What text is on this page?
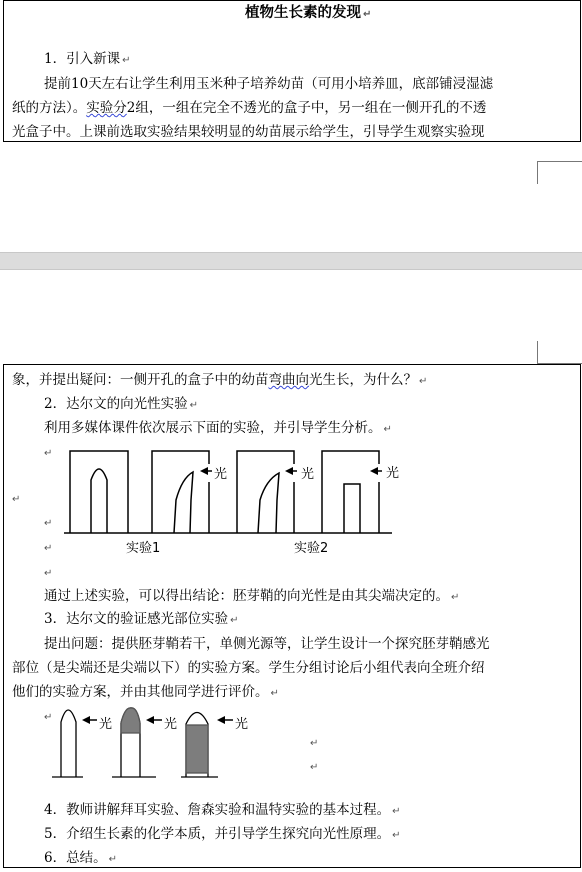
植物生长素的发现 ↵
1．引入新课 ↵
提前10天左右让学生利用玉米种子培养幼苗（可用小培养皿，底部铺浸湿滤
纸的方法）。实验分2组，一组在完全不透光的盒子中，另一组在一侧开孔的不透
光盒子中。上课前选取实验结果较明显的幼苗展示给学生，引导学生观察实验现
象，并提出疑问：一侧开孔的盒子中的幼苗弯曲向光生长，为什么？ ↵
2．达尔文的向光性实验 ↵
利用多媒体课件依次展示下面的实验，并引导学生分析。 ↵
↵
↵
↵
↵
↵
光	光	光
实验1	实验2
通过上述实验，可以得出结论：胚芽鞘的向光性是由其尖端决定的。 ↵
3．达尔文的验证感光部位实验 ↵
提出问题：提供胚芽鞘若干，单侧光源等，让学生设计一个探究胚芽鞘感光
部位（是尖端还是尖端以下）的实验方案。学生分组讨论后小组代表向全班介绍
他们的实验方案，并由其他同学进行评价。 ↵
↵
↵
↵
光	光	光
4．教师讲解拜耳实验、詹森实验和温特实验的基本过程。 ↵
5．介绍生长素的化学本质，并引导学生探究向光性原理。 ↵
6．总结。 ↵
